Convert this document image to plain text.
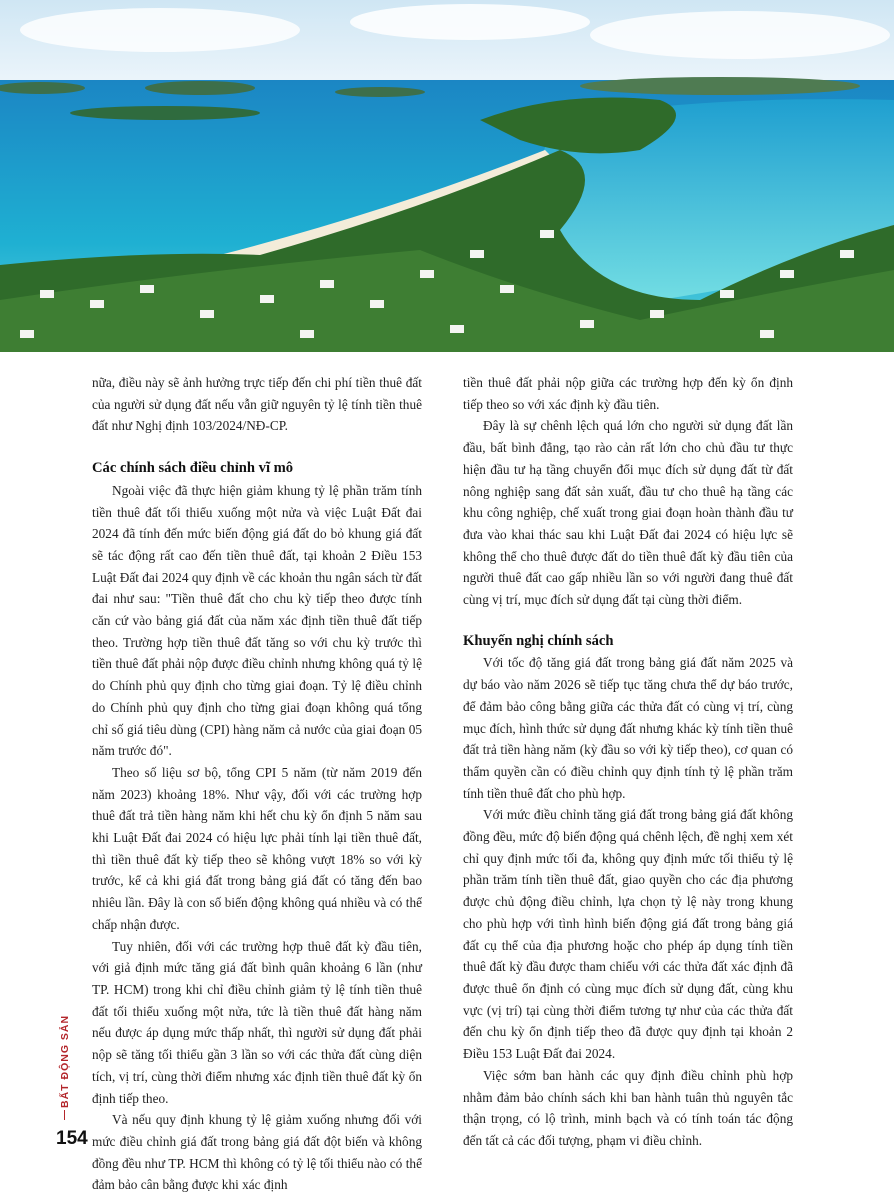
nữa, điều này sẽ ảnh hưởng trực tiếp đến chi phí tiền thuê đất của người sử dụng đất nếu vẫn giữ nguyên tỷ lệ tính tiền thuê đất như Nghị định 103/2024/NĐ-CP.

Các chính sách điều chỉnh vĩ mô

Ngoài việc đã thực hiện giảm khung tỷ lệ phần trăm tính tiền thuê đất tối thiểu xuống một nửa và việc Luật Đất đai 2024 đã tính đến mức biến động giá đất do bỏ khung giá đất sẽ tác động rất cao đến tiền thuê đất, tại khoản 2 Điều 153 Luật Đất đai 2024 quy định về các khoản thu ngân sách từ đất đai như sau: "Tiền thuê đất cho chu kỳ tiếp theo được tính căn cứ vào bảng giá đất của năm xác định tiền thuê đất tiếp theo. Trường hợp tiền thuê đất tăng so với chu kỳ trước thì tiền thuê đất phải nộp được điều chỉnh nhưng không quá tỷ lệ do Chính phủ quy định cho từng giai đoạn. Tỷ lệ điều chỉnh do Chính phủ quy định cho từng giai đoạn không quá tổng chỉ số giá tiêu dùng (CPI) hàng năm cả nước của giai đoạn 05 năm trước đó".

Theo số liệu sơ bộ, tổng CPI 5 năm (từ năm 2019 đến năm 2023) khoảng 18%. Như vậy, đối với các trường hợp thuê đất trả tiền hàng năm khi hết chu kỳ ổn định 5 năm sau khi Luật Đất đai 2024 có hiệu lực phải tính lại tiền thuê đất, thì tiền thuê đất kỳ tiếp theo sẽ không vượt 18% so với kỳ trước, kể cả khi giá đất trong bảng giá đất có tăng đến bao nhiêu lần. Đây là con số biến động không quá nhiều và có thể chấp nhận được.

Tuy nhiên, đối với các trường hợp thuê đất kỳ đầu tiên, với giả định mức tăng giá đất bình quân khoảng 6 lần (như TP. HCM) trong khi chỉ điều chỉnh giảm tỷ lệ tính tiền thuê đất tối thiểu xuống một nửa, tức là tiền thuê đất hàng năm nếu được áp dụng mức thấp nhất, thì người sử dụng đất phải nộp sẽ tăng tối thiểu gần 3 lần so với các thửa đất cùng diện tích, vị trí, cùng thời điểm nhưng xác định tiền thuê đất kỳ ổn định tiếp theo.

Và nếu quy định khung tỷ lệ giảm xuống nhưng đối với mức điều chỉnh giá đất trong bảng giá đất đột biến và không đồng đều như TP. HCM thì không có tỷ lệ tối thiểu nào có thể đảm bảo cân bằng được khi xác định

tiền thuê đất phải nộp giữa các trường hợp đến kỳ ổn định tiếp theo so với xác định kỳ đầu tiên.

Đây là sự chênh lệch quá lớn cho người sử dụng đất lần đầu, bất bình đẳng, tạo rào cản rất lớn cho chủ đầu tư thực hiện đầu tư hạ tầng chuyển đổi mục đích sử dụng đất từ đất nông nghiệp sang đất sản xuất, đầu tư cho thuê hạ tầng các khu công nghiệp, chế xuất trong giai đoạn hoàn thành đầu tư đưa vào khai thác sau khi Luật Đất đai 2024 có hiệu lực sẽ không thể cho thuê được đất do tiền thuê đất kỳ đầu tiên của người thuê đất cao gấp nhiều lần so với người đang thuê đất cùng vị trí, mục đích sử dụng đất tại cùng thời điểm.

Khuyến nghị chính sách

Với tốc độ tăng giá đất trong bảng giá đất năm 2025 và dự báo vào năm 2026 sẽ tiếp tục tăng chưa thể dự báo trước, để đảm bảo công bằng giữa các thửa đất có cùng vị trí, cùng mục đích, hình thức sử dụng đất nhưng khác kỳ tính tiền thuê đất trả tiền hàng năm (kỳ đầu so với kỳ tiếp theo), cơ quan có thẩm quyền cần có điều chỉnh quy định tính tỷ lệ phần trăm tính tiền thuê đất cho phù hợp.

Với mức điều chỉnh tăng giá đất trong bảng giá đất không đồng đều, mức độ biến động quá chênh lệch, đề nghị xem xét chỉ quy định mức tối đa, không quy định mức tối thiểu tỷ lệ phần trăm tính tiền thuê đất, giao quyền cho các địa phương được chủ động điều chỉnh, lựa chọn tỷ lệ này trong khung cho phù hợp với tình hình biến động giá đất trong bảng giá đất cụ thể của địa phương hoặc cho phép áp dụng tính tiền thuê đất kỳ đầu được tham chiếu với các thửa đất xác định đã được thuê ổn định có cùng mục đích sử dụng đất, cùng khu vực (vị trí) tại cùng thời điểm tương tự như của các thửa đất đến chu kỳ ổn định tiếp theo đã được quy định tại khoản 2 Điều 153 Luật Đất đai 2024.

Việc sớm ban hành các quy định điều chỉnh phù hợp nhằm đảm bảo chính sách khi ban hành tuân thủ nguyên tắc thận trọng, có lộ trình, minh bạch và có tính toán tác động đến tất cả các đối tượng, phạm vi điều chỉnh.

BẤT ĐỘNG SẢN
154
